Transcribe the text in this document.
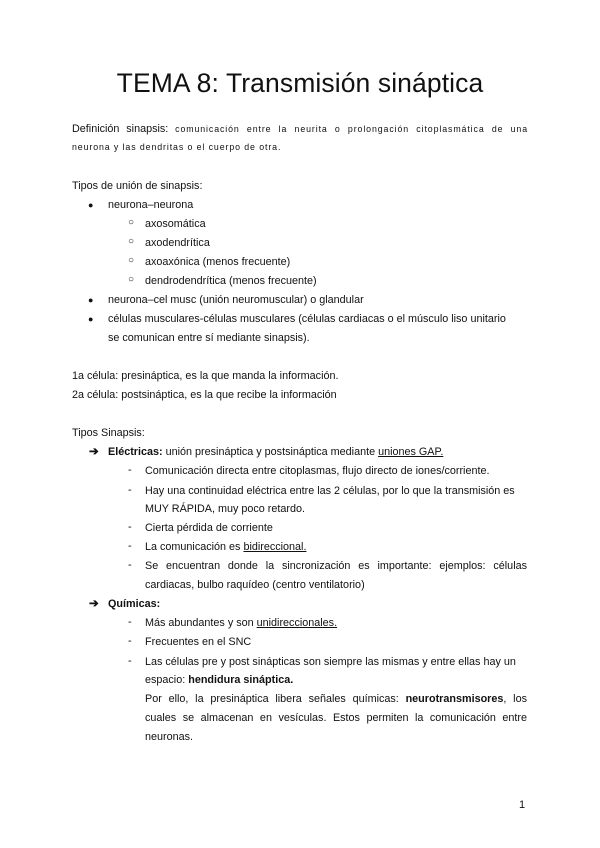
TEMA 8: Transmisión sináptica
Definición sinapsis: comunicación entre la neurita o prolongación citoplasmática de una
neurona y las dendritas o el cuerpo de otra.
Tipos de unión de sinapsis:
● neurona–neurona
○ axosomática
○ axodendrítica
○ axoaxónica (menos frecuente)
○ dendrodendrítica (menos frecuente)
● neurona–cel musc (unión neuromuscular) o glandular
● células musculares-células musculares (células cardiacas o el músculo liso unitario
se comunican entre sí mediante sinapsis).
1a célula: presináptica, es la que manda la información.
2a célula: postsináptica, es la que recibe la información
Tipos Sinapsis:
➔ Eléctricas: unión presináptica y postsináptica mediante uniones GAP.
- Comunicación directa entre citoplasmas, flujo directo de iones/corriente.
- Hay una continuidad eléctrica entre las 2 células, por lo que la transmisión es
MUY RÁPIDA, muy poco retardo.
- Cierta pérdida de corriente
- La comunicación es bidireccional.
- Se encuentran donde la sincronización es importante: ejemplos: células
cardiacas, bulbo raquídeo (centro ventilatorio)
➔ Químicas:
- Más abundantes y son unidireccionales.
- Frecuentes en el SNC
- Las células pre y post sinápticas son siempre las mismas y entre ellas hay un
espacio: hendidura sináptica.
Por ello, la presináptica libera señales químicas: neurotransmisores, los
cuales se almacenan en vesículas. Estos permiten la comunicación entre
neuronas.
1
